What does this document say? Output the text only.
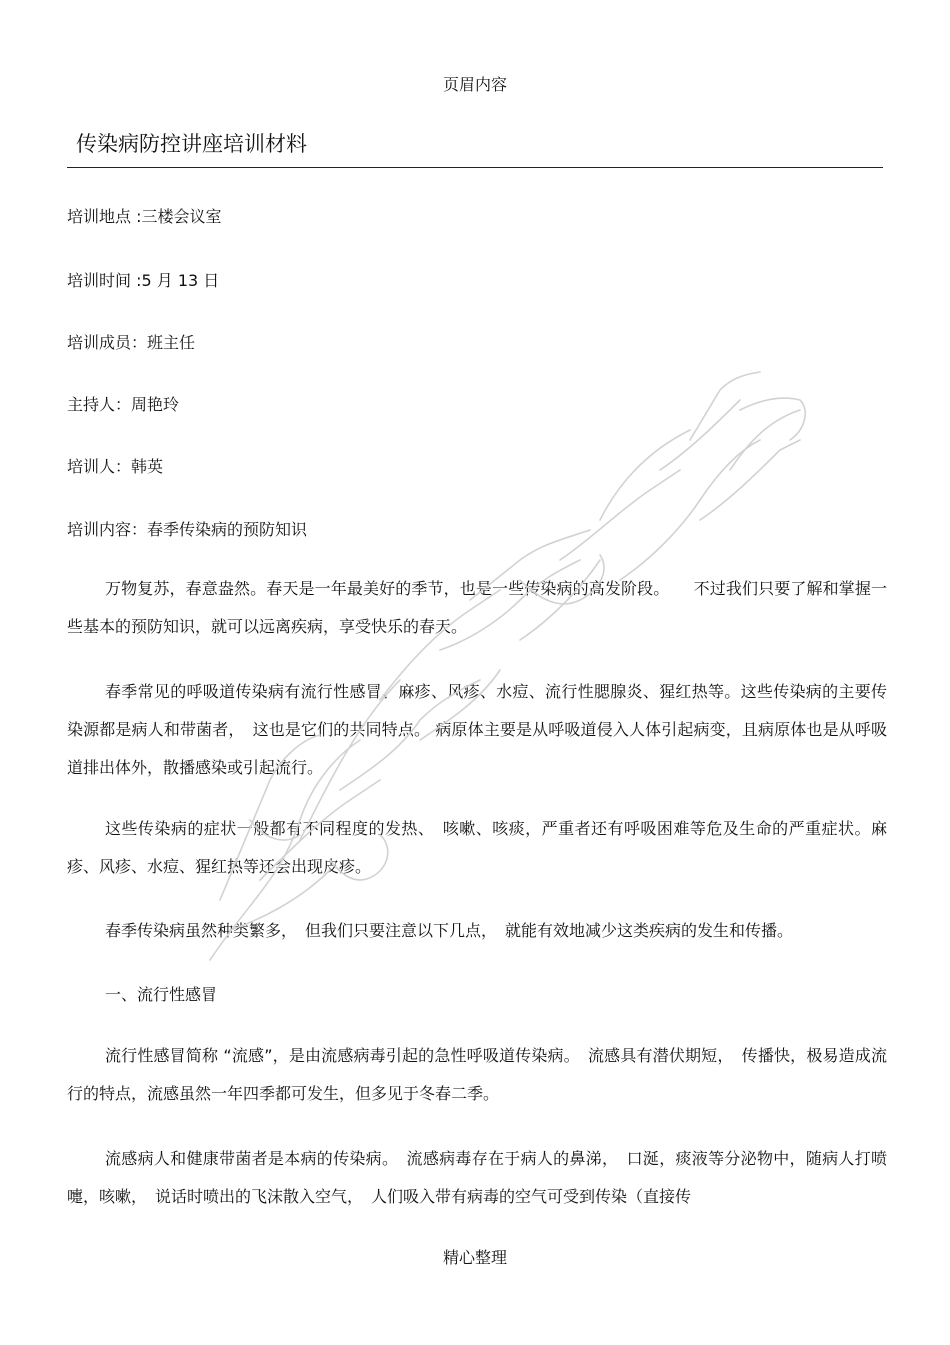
页眉内容
传染病防控讲座培训材料
培训地点 :三楼会议室
培训时间 :5 月 13 日
培训成员：班主任
主持人：周艳玲
培训人：韩英
培训内容：春季传染病的预防知识

万物复苏，春意盎然。春天是一年最美好的季节，也是一些传染病的高发阶段。　　不过我们只要了解和掌握一些基本的预防知识，就可以远离疾病，享受快乐的春天。

春季常见的呼吸道传染病有流行性感冒、麻疹、风疹、水痘、流行性腮腺炎、猩红热等。这些传染病的主要传染源都是病人和带菌者，　这也是它们的共同特点。 病原体主要是从呼吸道侵入人体引起病变，且病原体也是从呼吸道排出体外，散播感染或引起流行。

这些传染病的症状一般都有不同程度的发热、　咳嗽、咳痰，严重者还有呼吸困难等危及生命的严重症状。麻疹、风疹、水痘、猩红热等还会出现皮疹。

春季传染病虽然种类繁多，　但我们只要注意以下几点，　就能有效地减少这类疾病的发生和传播。

一、流行性感冒

流行性感冒简称 “流感”，是由流感病毒引起的急性呼吸道传染病。　流感具有潜伏期短，　传播快，极易造成流行的特点，流感虽然一年四季都可发生，但多见于冬春二季。

流感病人和健康带菌者是本病的传染病。　流感病毒存在于病人的鼻涕，　口涎，痰液等分泌物中，随病人打喷嚏，咳嗽，　说话时喷出的飞沫散入空气，　人们吸入带有病毒的空气可受到传染（直接传

精心整理
